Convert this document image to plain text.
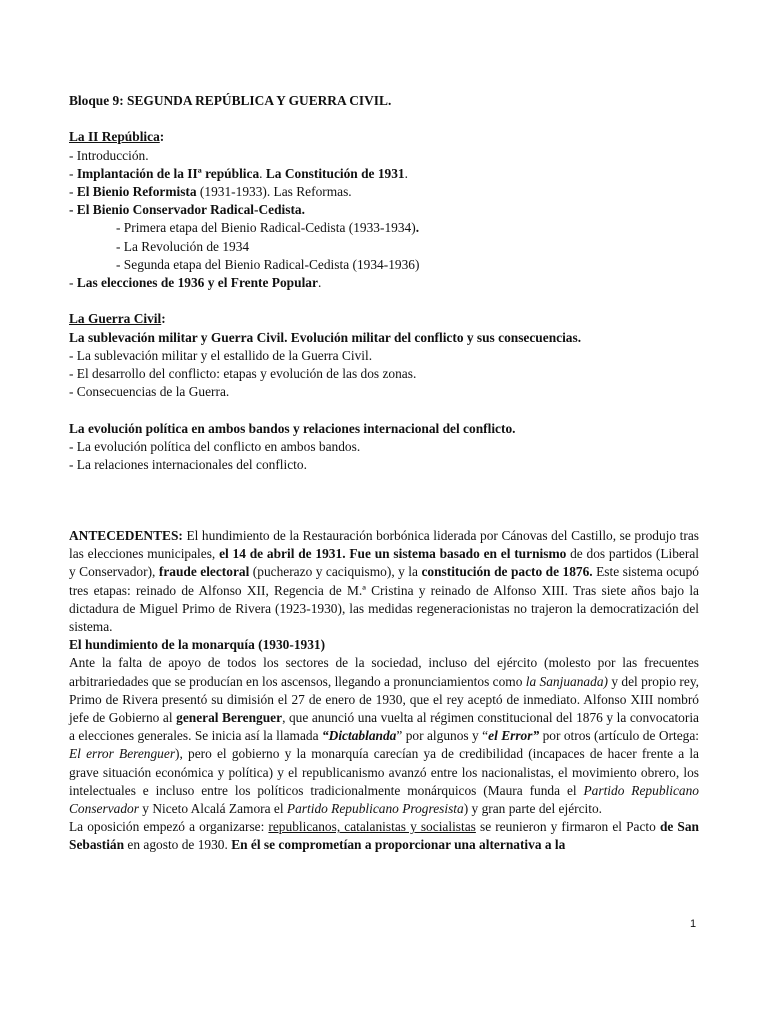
Bloque 9: SEGUNDA REPÚBLICA Y GUERRA CIVIL.
La II República:
- Introducción.
- Implantación de la IIª república. La Constitución de 1931.
- El Bienio Reformista (1931-1933). Las Reformas.
- El Bienio Conservador Radical-Cedista.
- Primera etapa del Bienio Radical-Cedista (1933-1934).
- La Revolución de 1934
- Segunda etapa del Bienio Radical-Cedista (1934-1936)
- Las elecciones de 1936 y el Frente Popular.
La Guerra Civil:
La sublevación militar y Guerra Civil. Evolución militar del conflicto y sus consecuencias.
- La sublevación militar y el estallido de la Guerra Civil.
- El desarrollo del conflicto: etapas y evolución de las dos zonas.
- Consecuencias de la Guerra.
La evolución política en ambos bandos y relaciones internacional del conflicto.
- La evolución política del conflicto en ambos bandos.
- La relaciones internacionales del conflicto.

ANTECEDENTES: El hundimiento de la Restauración borbónica liderada por Cánovas del Castillo, se produjo tras las elecciones municipales, el 14 de abril de 1931. Fue un sistema basado en el turnismo de dos partidos (Liberal y Conservador), fraude electoral (pucherazo y caciquismo), y la constitución de pacto de 1876. Este sistema ocupó tres etapas: reinado de Alfonso XII, Regencia de M.ª Cristina y reinado de Alfonso XIII. Tras siete años bajo la dictadura de Miguel Primo de Rivera (1923-1930), las medidas regeneracionistas no trajeron la democratización del sistema.

El hundimiento de la monarquía (1930-1931)

Ante la falta de apoyo de todos los sectores de la sociedad, incluso del ejército (molesto por las frecuentes arbitrariedades que se producían en los ascensos, llegando a pronunciamientos como la Sanjuanada) y del propio rey, Primo de Rivera presentó su dimisión el 27 de enero de 1930, que el rey aceptó de inmediato. Alfonso XIII nombró jefe de Gobierno al general Berenguer, que anunció una vuelta al régimen constitucional del 1876 y la convocatoria a elecciones generales. Se inicia así la llamada “Dictablanda” por algunos y “el Error” por otros (artículo de Ortega: El error Berenguer), pero el gobierno y la monarquía carecían ya de credibilidad (incapaces de hacer frente a la grave situación económica y política) y el republicanismo avanzó entre los nacionalistas, el movimiento obrero, los intelectuales e incluso entre los políticos tradicionalmente monárquicos (Maura funda el Partido Republicano Conservador y Niceto Alcalá Zamora el Partido Republicano Progresista) y gran parte del ejército.

La oposición empezó a organizarse: republicanos, catalanistas y socialistas se reunieron y firmaron el Pacto de San Sebastián en agosto de 1930. En él se comprometían a proporcionar una alternativa a la

1
